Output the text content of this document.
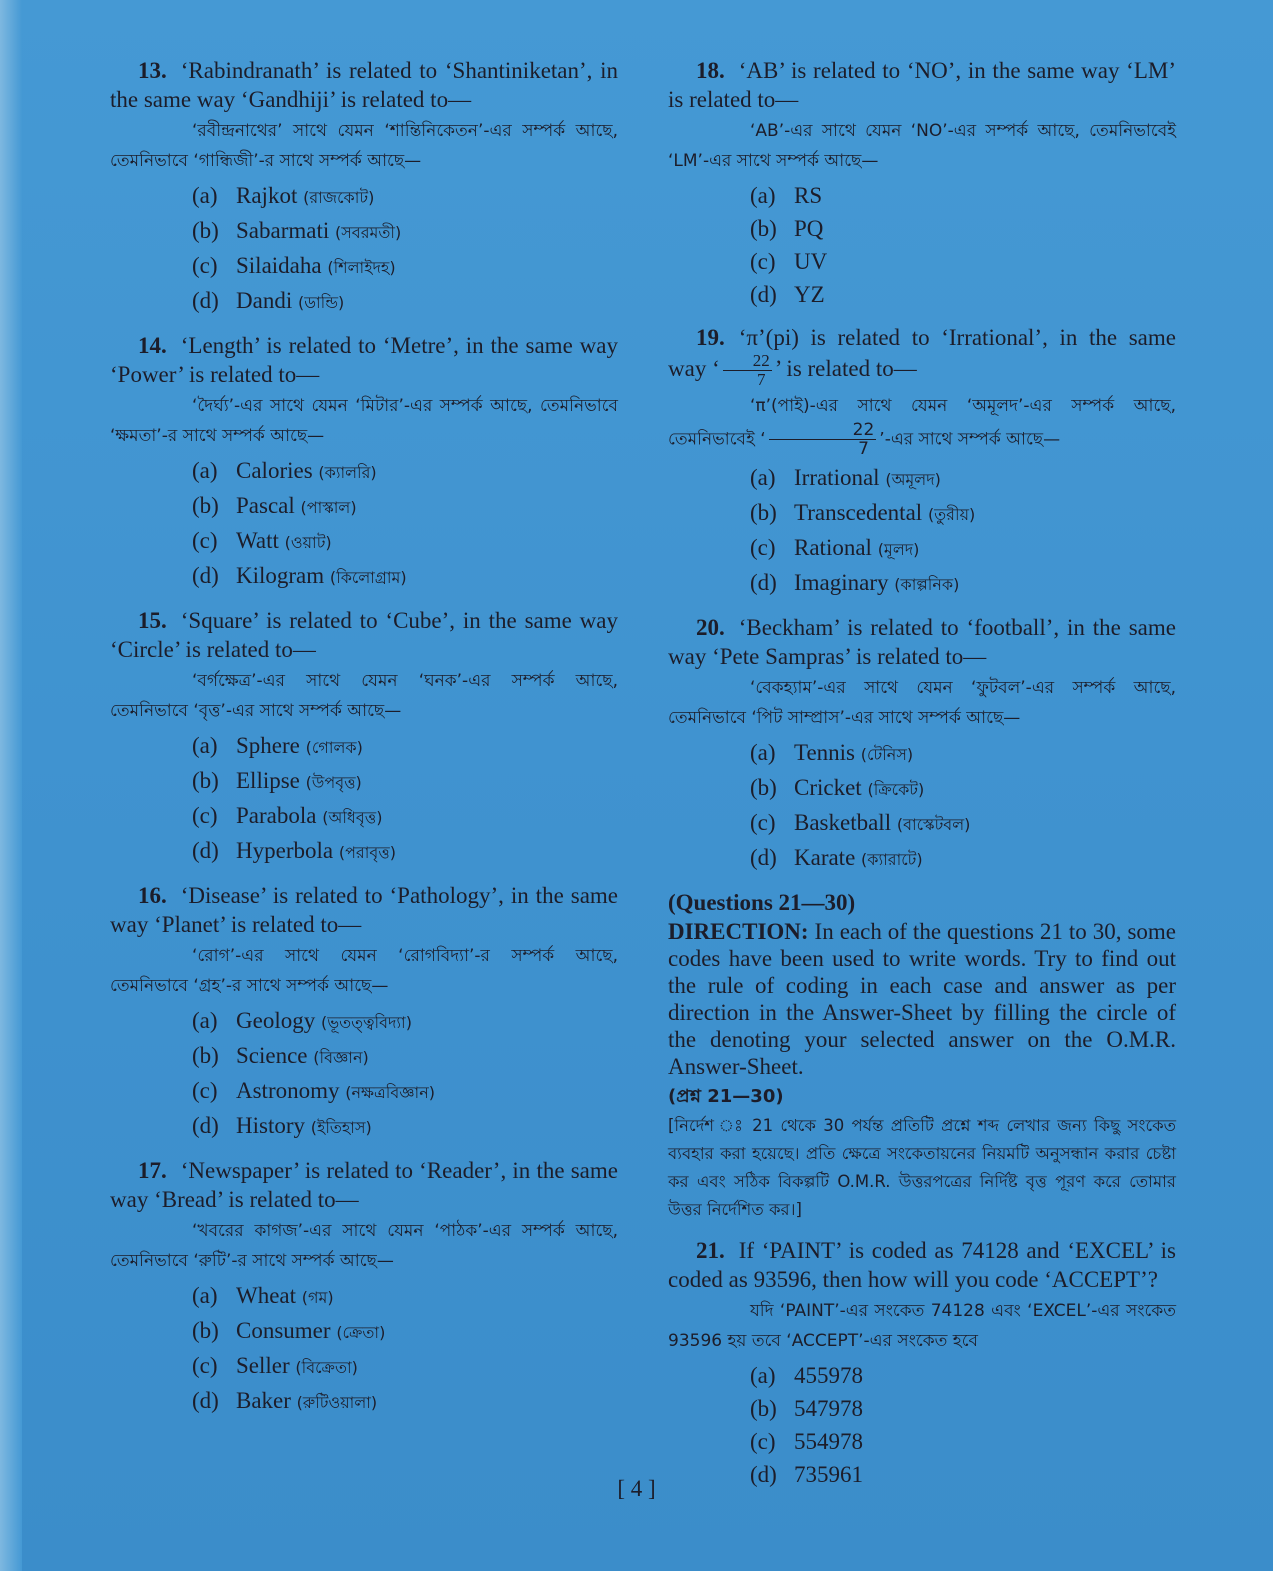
13. ‘Rabindranath’ is related to ‘Shantiniketan’, in the same way ‘Gandhiji’ is related to—
‘রবীন্দ্রনাথের’ সাথে যেমন ‘শান্তিনিকেতন’-এর সম্পর্ক আছে, তেমনিভাবে ‘গান্ধিজী’-র সাথে সম্পর্ক আছে—
(a) Rajkot (রাজকোট)
(b) Sabarmati (সবরমতী)
(c) Silaidaha (শিলাইদহ)
(d) Dandi (ডান্ডি)
14. ‘Length’ is related to ‘Metre’, in the same way ‘Power’ is related to—
‘দৈর্ঘ্য’-এর সাথে যেমন ‘মিটার’-এর সম্পর্ক আছে, তেমনিভাবে ‘ক্ষমতা’-র সাথে সম্পর্ক আছে—
(a) Calories (ক্যালরি)
(b) Pascal (পাস্কাল)
(c) Watt (ওয়াট)
(d) Kilogram (কিলোগ্রাম)
15. ‘Square’ is related to ‘Cube’, in the same way ‘Circle’ is related to—
‘বর্গক্ষেত্র’-এর সাথে যেমন ‘ঘনক’-এর সম্পর্ক আছে, তেমনিভাবে ‘বৃত্ত’-এর সাথে সম্পর্ক আছে—
(a) Sphere (গোলক)
(b) Ellipse (উপবৃত্ত)
(c) Parabola (অধিবৃত্ত)
(d) Hyperbola (পরাবৃত্ত)
16. ‘Disease’ is related to ‘Pathology’, in the same way ‘Planet’ is related to—
‘রোগ’-এর সাথে যেমন ‘রোগবিদ্যা’-র সম্পর্ক আছে, তেমনিভাবে ‘গ্রহ’-র সাথে সম্পর্ক আছে—
(a) Geology (ভূতত্ত্ববিদ্যা)
(b) Science (বিজ্ঞান)
(c) Astronomy (নক্ষত্রবিজ্ঞান)
(d) History (ইতিহাস)
17. ‘Newspaper’ is related to ‘Reader’, in the same way ‘Bread’ is related to—
‘খবরের কাগজ’-এর সাথে যেমন ‘পাঠক’-এর সম্পর্ক আছে, তেমনিভাবে ‘রুটি’-র সাথে সম্পর্ক আছে—
(a) Wheat (গম)
(b) Consumer (ক্রেতা)
(c) Seller (বিক্রেতা)
(d) Baker (রুটিওয়ালা)
18. ‘AB’ is related to ‘NO’, in the same way ‘LM’ is related to—
‘AB’-এর সাথে যেমন ‘NO’-এর সম্পর্ক আছে, তেমনিভাবেই ‘LM’-এর সাথে সম্পর্ক আছে—
(a) RS
(b) PQ
(c) UV
(d) YZ
19. ‘π’(pi) is related to ‘Irrational’, in the same way ‘ $\frac{22}{7}$ ’ is related to—
‘π’(পাই)-এর সাথে যেমন ‘অমূলদ’-এর সম্পর্ক আছে, তেমনিভাবেই ‘ $\frac{22}{7}$ ’-এর সাথে সম্পর্ক আছে—
(a) Irrational (অমূলদ)
(b) Transcedental (তুরীয়)
(c) Rational (মূলদ)
(d) Imaginary (কাল্পনিক)
20. ‘Beckham’ is related to ‘football’, in the same way ‘Pete Sampras’ is related to—
‘বেকহ্যাম’-এর সাথে যেমন ‘ফুটবল’-এর সম্পর্ক আছে, তেমনিভাবে ‘পিট সাম্প্রাস’-এর সাথে সম্পর্ক আছে—
(a) Tennis (টেনিস)
(b) Cricket (ক্রিকেট)
(c) Basketball (বাস্কেটবল)
(d) Karate (ক্যারাটে)
(Questions 21—30)
DIRECTION: In each of the questions 21 to 30, some codes have been used to write words. Try to find out the rule of coding in each case and answer as per direction in the Answer-Sheet by filling the circle of the denoting your selected answer on the O.M.R. Answer-Sheet.
(প্রশ্ন 21—30)
[নির্দেশ ঃ 21 থেকে 30 পর্যন্ত প্রতিটি প্রশ্নে শব্দ লেখার জন্য কিছু সংকেত ব্যবহার করা হয়েছে। প্রতি ক্ষেত্রে সংকেতায়নের নিয়মটি অনুসন্ধান করার চেষ্টা কর এবং সঠিক বিকল্পটি O.M.R. উত্তরপত্রের নির্দিষ্ট বৃত্ত পূরণ করে তোমার উত্তর নির্দেশিত কর।]
21. If ‘PAINT’ is coded as 74128 and ‘EXCEL’ is coded as 93596, then how will you code ‘ACCEPT’?
যদি ‘PAINT’-এর সংকেত 74128 এবং ‘EXCEL’-এর সংকেত 93596 হয় তবে ‘ACCEPT’-এর সংকেত হবে
(a) 455978
(b) 547978
(c) 554978
(d) 735961
[ 4 ]
